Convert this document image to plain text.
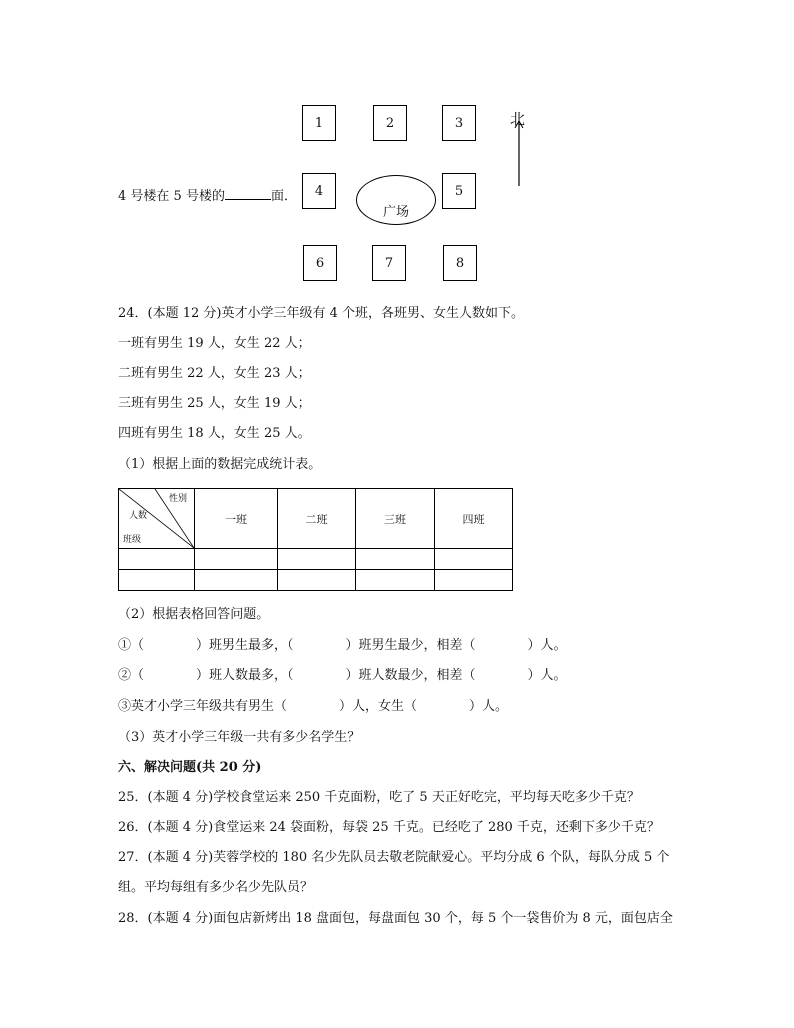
1	2	3
4	5
6	7	8
广场
北
4 号楼在 5 号楼的	面．
24．(本题 12 分)英才小学三年级有 4 个班，各班男、女生人数如下。
一班有男生 19 人，女生 22 人；
二班有男生 22 人，女生 23 人；
三班有男生 25 人，女生 19 人；
四班有男生 18 人，女生 25 人。
（1）根据上面的数据完成统计表。
性别
人数
班级	一班	二班	三班	四班

（2）根据表格回答问题。
①（　　　　）班男生最多，（　　　　）班男生最少，相差（　　　　）人。
②（　　　　）班人数最多，（　　　　）班人数最少，相差（　　　　）人。
③英才小学三年级共有男生（　　　　）人，女生（　　　　）人。
（3）英才小学三年级一共有多少名学生？
六、解决问题(共 20 分)
25．(本题 4 分)学校食堂运来 250 千克面粉，吃了 5 天正好吃完，平均每天吃多少千克？
26．(本题 4 分)食堂运来 24 袋面粉，每袋 25 千克。已经吃了 280 千克，还剩下多少千克？
27．(本题 4 分)芙蓉学校的 180 名少先队员去敬老院献爱心。平均分成 6 个队，每队分成 5 个
组。平均每组有多少名少先队员？
28．(本题 4 分)面包店新烤出 18 盘面包，每盘面包 30 个，每 5 个一袋售价为 8 元，面包店全
